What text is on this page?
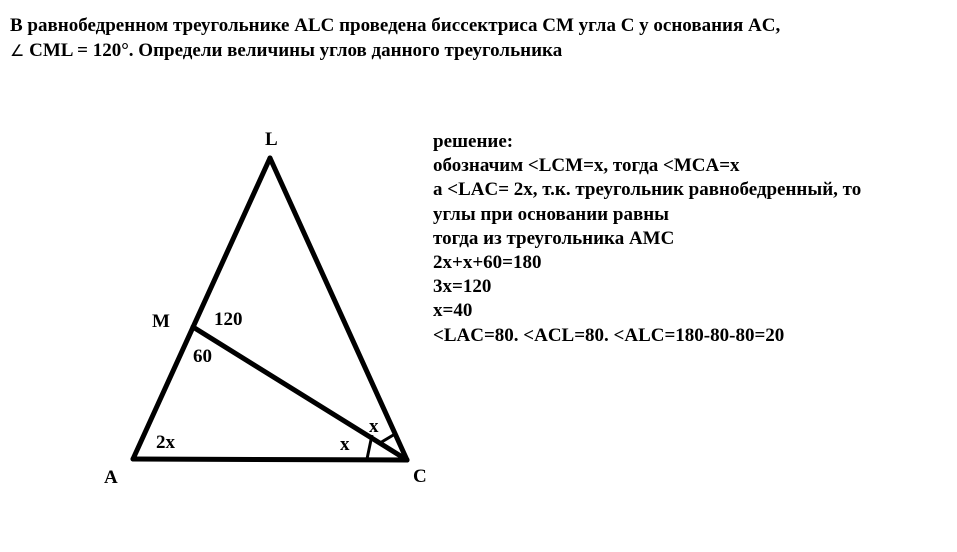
В равнобедренном треугольнике ALC проведена биссектриса CM угла C у основания AC,
∠ CML = 120°. Определи величины углов данного треугольника
L
M
A	C
120
60
2x	x
x
решение:
обозначим <LCM=x, тогда <MCA=x
а <LAC= 2x, т.к. треугольник равнобедренный, то
углы при основании равны
тогда из треугольника AMC
2x+x+60=180
3x=120
x=40
<LAC=80. <ACL=80. <ALC=180-80-80=20
